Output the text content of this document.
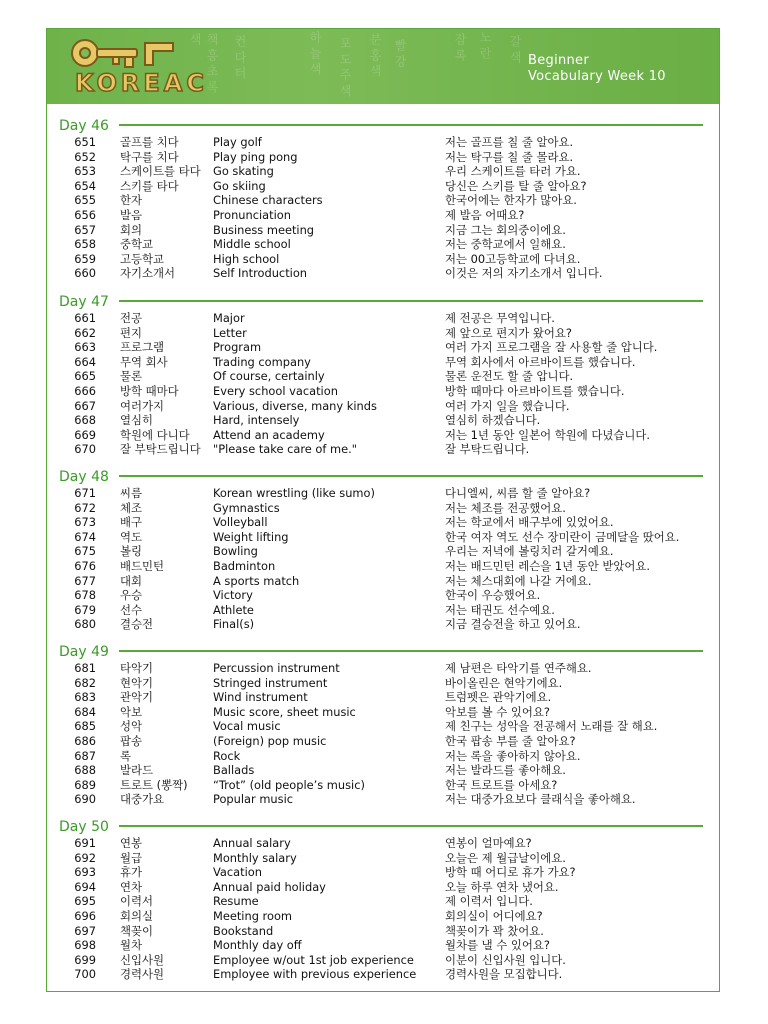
책 흥 초 록 색	컨 다 터	하 늘 색 포 도 주 색 분 홍 색 빨 강	잠 록 노 란 갈 색
KOREAC
Beginner
Vocabulary Week 10
Day 46
651 골프를 치다	Play golf	저는 골프를 칠 줄 알아요.
652 탁구를 치다	Play ping pong	저는 탁구를 칠 줄 몰라요.
653 스케이트를 타다 Go skating	우리 스케이트를 타러 가요.
654 스키를 타다	Go skiing	당신은 스키를 탈 줄 알아요?
655 한자	Chinese characters	한국어에는 한자가 많아요.
656 발음	Pronunciation	제 발음 어때요?
657 회의	Business meeting	지금 그는 회의중이에요.
658 중학교	Middle school	저는 중학교에서 일해요.
659 고등학교	High school	저는 00고등학교에 다녀요.
660 자기소개서	Self Introduction	이것은 저의 자기소개서 입니다.
Day 47
661 전공	Major	제 전공은 무역입니다.
662 편지	Letter	제 앞으로 편지가 왔어요?
663 프로그램	Program	여러 가지 프로그램을 잘 사용할 줄 압니다.
664 무역 회사	Trading company	무역 회사에서 아르바이트를 했습니다.
665 물론	Of course, certainly	물론 운전도 할 줄 압니다.
666 방학 때마다	Every school vacation	방학 때마다 아르바이트를 했습니다.
667 여러가지	Various, diverse, many kinds	여러 가지 일을 했습니다.
668 열심히	Hard, intensely	열심히 하겠습니다.
669 학원에 다니다 Attend an academy	저는 1년 동안 일본어 학원에 다녔습니다.
670 잘 부탁드립니다 "Please take care of me."	잘 부탁드립니다.
Day 48
671 씨름	Korean wrestling (like sumo)	다니엘씨, 씨름 할 줄 알아요?
672 체조	Gymnastics	저는 체조를 전공했어요.
673 배구	Volleyball	저는 학교에서 배구부에 있었어요.
674 역도	Weight lifting	한국 여자 역도 선수 장미란이 금메달을 땄어요.
675 볼링	Bowling	우리는 저녁에 볼링치러 갈거예요.
676 배드민턴	Badminton	저는 배드민턴 레슨을 1년 동안 받았어요.
677 대회	A sports match	저는 체스대회에 나갈 거에요.
678 우승	Victory	한국이 우승했어요.
679 선수	Athlete	저는 태권도 선수예요.
680 결승전	Final(s)	지금 결승전을 하고 있어요.
Day 49
681 타악기	Percussion instrument	제 남편은 타악기를 연주해요.
682 현악기	Stringed instrument	바이올린은 현악기에요.
683 관악기	Wind instrument	트럼펫은 관악기에요.
684 악보	Music score, sheet music	악보를 볼 수 있어요?
685 성악	Vocal music	제 친구는 성악을 전공해서 노래를 잘 해요.
686 팝송	(Foreign) pop music	한국 팝송 부를 줄 알아요?
687 록	Rock	저는 록을 좋아하지 않아요.
688 발라드	Ballads	저는 발라드를 좋아해요.
689 트로트 (뽕짝) “Trot” (old people’s music)	한국 트로트를 아세요?
690 대중가요	Popular music	저는 대중가요보다 클래식을 좋아해요.
Day 50
691 연봉	Annual salary	연봉이 얼마예요?
692 월급	Monthly salary	오늘은 제 월급날이에요.
693 휴가	Vacation	방학 때 어디로 휴가 가요?
694 연차	Annual paid holiday	오늘 하루 연차 냈어요.
695 이력서	Resume	제 이력서 입니다.
696 회의실	Meeting room	회의실이 어디에요?
697 책꽂이	Bookstand	책꽂이가 꽉 찼어요.
698 월차	Monthly day off	월차를 낼 수 있어요?
699 신입사원	Employee w/out 1st job experience	이분이 신입사원 입니다.
700 경력사원	Employee with previous experience	경력사원을 모집합니다.
